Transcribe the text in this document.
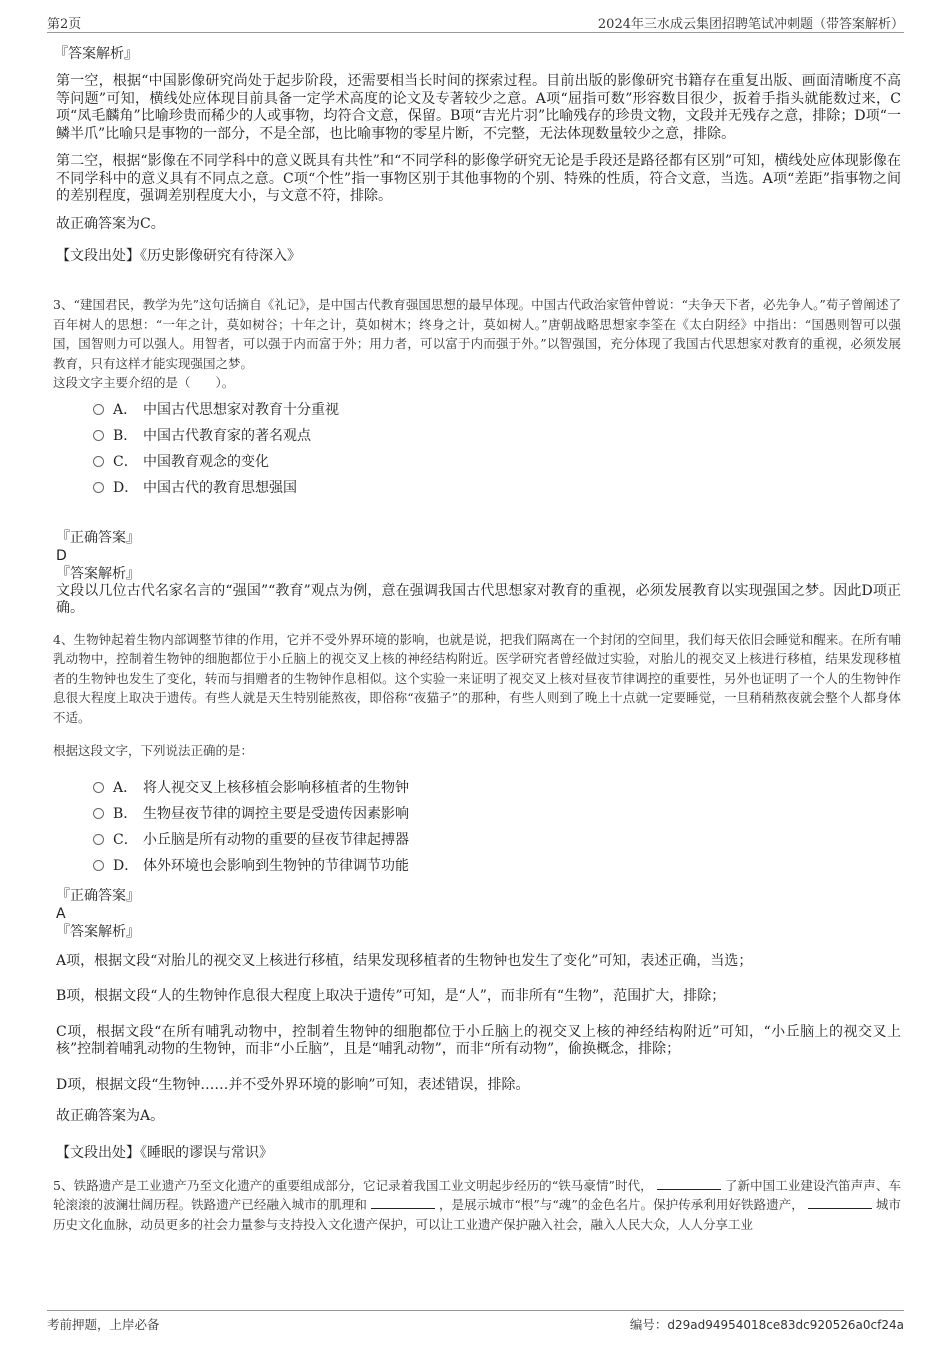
第2页	2024年三水成云集团招聘笔试冲刺题（带答案解析）
『答案解析』

第一空，根据“中国影像研究尚处于起步阶段，还需要相当长时间的探索过程。目前出版的影像研究书籍存在重复出版、画面清晰度不高等问题”可知，横线处应体现目前具备一定学术高度的论文及专著较少之意。A项“屈指可数”形容数目很少，扳着手指头就能数过来，C项“凤毛麟角”比喻珍贵而稀少的人或事物，均符合文意，保留。B项“吉光片羽”比喻残存的珍贵文物，文段并无残存之意，排除；D项“一鳞半爪”比喻只是事物的一部分，不是全部，也比喻事物的零星片断，不完整，无法体现数量较少之意，排除。

第二空，根据“影像在不同学科中的意义既具有共性”和“不同学科的影像学研究无论是手段还是路径都有区别”可知，横线处应体现影像在不同学科中的意义具有不同点之意。C项“个性”指一事物区别于其他事物的个别、特殊的性质，符合文意，当选。A项“差距”指事物之间的差别程度，强调差别程度大小，与文意不符，排除。

故正确答案为C。

【文段出处】《历史影像研究有待深入》

3、“建国君民，教学为先”这句话摘自《礼记》，是中国古代教育强国思想的最早体现。中国古代政治家管仲曾说：“夫争天下者，必先争人。”荀子曾阐述了百年树人的思想：“一年之计，莫如树谷；十年之计，莫如树木；终身之计，莫如树人。”唐朝战略思想家李筌在《太白阴经》中指出：“国愚则智可以强国，国智则力可以强人。用智者，可以强于内而富于外；用力者，可以富于内而强于外。”以智强国，充分体现了我国古代思想家对教育的重视，必须发展教育，只有这样才能实现强国之梦。

这段文字主要介绍的是（　　）。

A． 中国古代思想家对教育十分重视
B． 中国古代教育家的著名观点
C． 中国教育观念的变化
D． 中国古代的教育思想强国
『正确答案』
D
『答案解析』

文段以几位古代名家名言的“强国”“教育”观点为例，意在强调我国古代思想家对教育的重视，必须发展教育以实现强国之梦。因此D项正确。

4、生物钟起着生物内部调整节律的作用，它并不受外界环境的影响，也就是说，把我们隔离在一个封闭的空间里，我们每天依旧会睡觉和醒来。在所有哺乳动物中，控制着生物钟的细胞都位于小丘脑上的视交叉上核的神经结构附近。医学研究者曾经做过实验，对胎儿的视交叉上核进行移植，结果发现移植者的生物钟也发生了变化，转而与捐赠者的生物钟作息相似。这个实验一来证明了视交叉上核对昼夜节律调控的重要性，另外也证明了一个人的生物钟作息很大程度上取决于遗传。有些人就是天生特别能熬夜，即俗称“夜猫子”的那种，有些人则到了晚上十点就一定要睡觉，一旦稍稍熬夜就会整个人都身体不适。

根据这段文字，下列说法正确的是：

A． 将人视交叉上核移植会影响移植者的生物钟
B． 生物昼夜节律的调控主要是受遗传因素影响
C． 小丘脑是所有动物的重要的昼夜节律起搏器
D． 体外环境也会影响到生物钟的节律调节功能
『正确答案』
A
『答案解析』

A项，根据文段“对胎儿的视交叉上核进行移植，结果发现移植者的生物钟也发生了变化”可知，表述正确，当选；

B项，根据文段“人的生物钟作息很大程度上取决于遗传”可知，是“人”，而非所有“生物”，范围扩大，排除；

C项，根据文段“在所有哺乳动物中，控制着生物钟的细胞都位于小丘脑上的视交叉上核的神经结构附近”可知，“小丘脑上的视交叉上核”控制着哺乳动物的生物钟，而非“小丘脑”，且是“哺乳动物”，而非“所有动物”，偷换概念，排除；

D项，根据文段“生物钟……并不受外界环境的影响”可知，表述错误，排除。

故正确答案为A。

【文段出处】《睡眠的谬误与常识》

5、铁路遗产是工业遗产乃至文化遗产的重要组成部分，它记录着我国工业文明起步经历的“铁马豪情”时代，	了新中国工业建设汽笛声声、车轮滚滚的波澜壮阔历程。铁路遗产已经融入城市的肌理和	，是展示城市“根”与“魂”的金色名片。保护传承利用好铁路遗产，	城市历史文化血脉，动员更多的社会力量参与支持投入文化遗产保护，可以让工业遗产保护融入社会，融入人民大众，人人分享工业

考前押题，上岸必备	编号：d29ad94954018ce83dc920526a0cf24a
